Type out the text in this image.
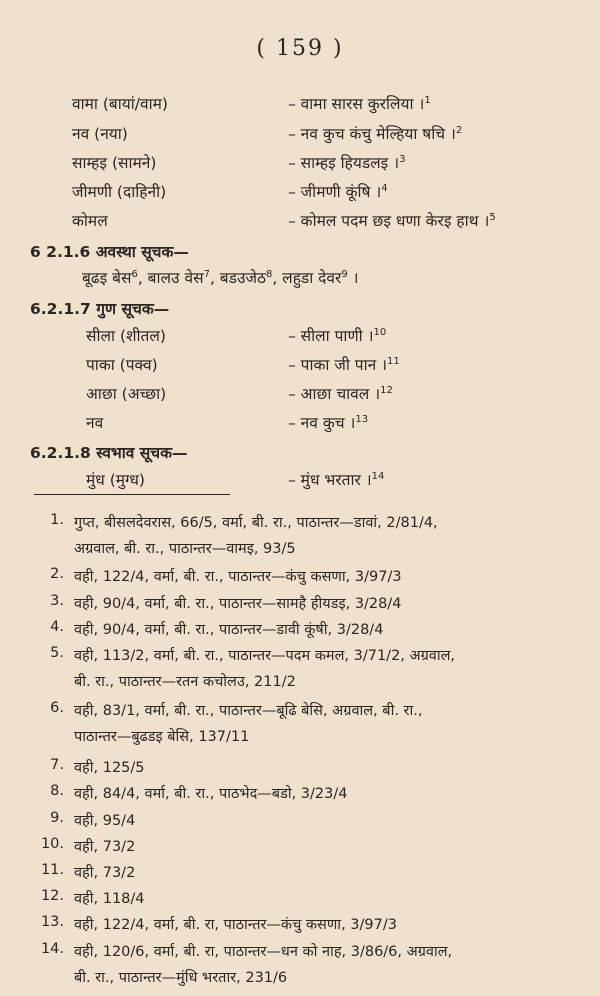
( 159 )
वामा (बायां/वाम)	– वामा सारस कुरलिया ।$^1$
नव (नया)	– नव कुच कंचु मेल्हिया षचि ।$^2$
साम्हइ (सामने)	– साम्हइ हियडलइ ।$^3$
जीमणी (दाहिनी)	– जीमणी कूंषि ।$^4$
कोमल	– कोमल पदम छइ धणा केरइ हाथ ।$^5$
6 2.1.6 अवस्था सूचक—
बूढइ बेस$^6$, बालउ वेस$^7$, बडउजेठ$^8$, लहुडा देवर$^9$ ।
6.2.1.7 गुण सूचक—
सीला (शीतल)	– सीला पाणी ।$^{10}$
पाका (पक्व)	– पाका जी पान ।$^{11}$
आछा (अच्छा)	– आछा चावल ।$^{12}$
नव	– नव कुच ।$^{13}$
6.2.1.8 स्वभाव सूचक—
मुंध (मुग्ध)	– मुंध भरतार ।$^{14}$
1. गुप्त, बीसलदेवरास, 66/5, वर्मा, बी. रा., पाठान्तर—डावां, 2/81/4,
अग्रवाल, बी. रा., पाठान्तर—वामइ, 93/5
2. वही, 122/4, वर्मा, बी. रा., पाठान्तर—कंचु कसणा, 3/97/3
3. वही, 90/4, वर्मा, बी. रा., पाठान्तर—सामहै हीयडइ, 3/28/4
4. वही, 90/4, वर्मा, बी. रा., पाठान्तर—डावी कूंषी, 3/28/4
5. वही, 113/2, वर्मा, बी. रा., पाठान्तर—पदम कमल, 3/71/2, अग्रवाल,
बी. रा., पाठान्तर—रतन कचोलउ, 211/2
6. वही, 83/1, वर्मा, बी. रा., पाठान्तर—बूढि बेसि, अग्रवाल, बी. रा.,
पाठान्तर—बुढडइ बेसि, 137/11
7. वही, 125/5
8. वही, 84/4, वर्मा, बी. रा., पाठभेद—बडो, 3/23/4
9. वही, 95/4
10. वही, 73/2
11. वही, 73/2
12. वही, 118/4
13. वही, 122/4, वर्मा, बी. रा, पाठान्तर—कंचु कसणा, 3/97/3
14. वही, 120/6, वर्मा, बी. रा, पाठान्तर—धन को नाह, 3/86/6, अग्रवाल,
बी. रा., पाठान्तर—मुंधि भरतार, 231/6
